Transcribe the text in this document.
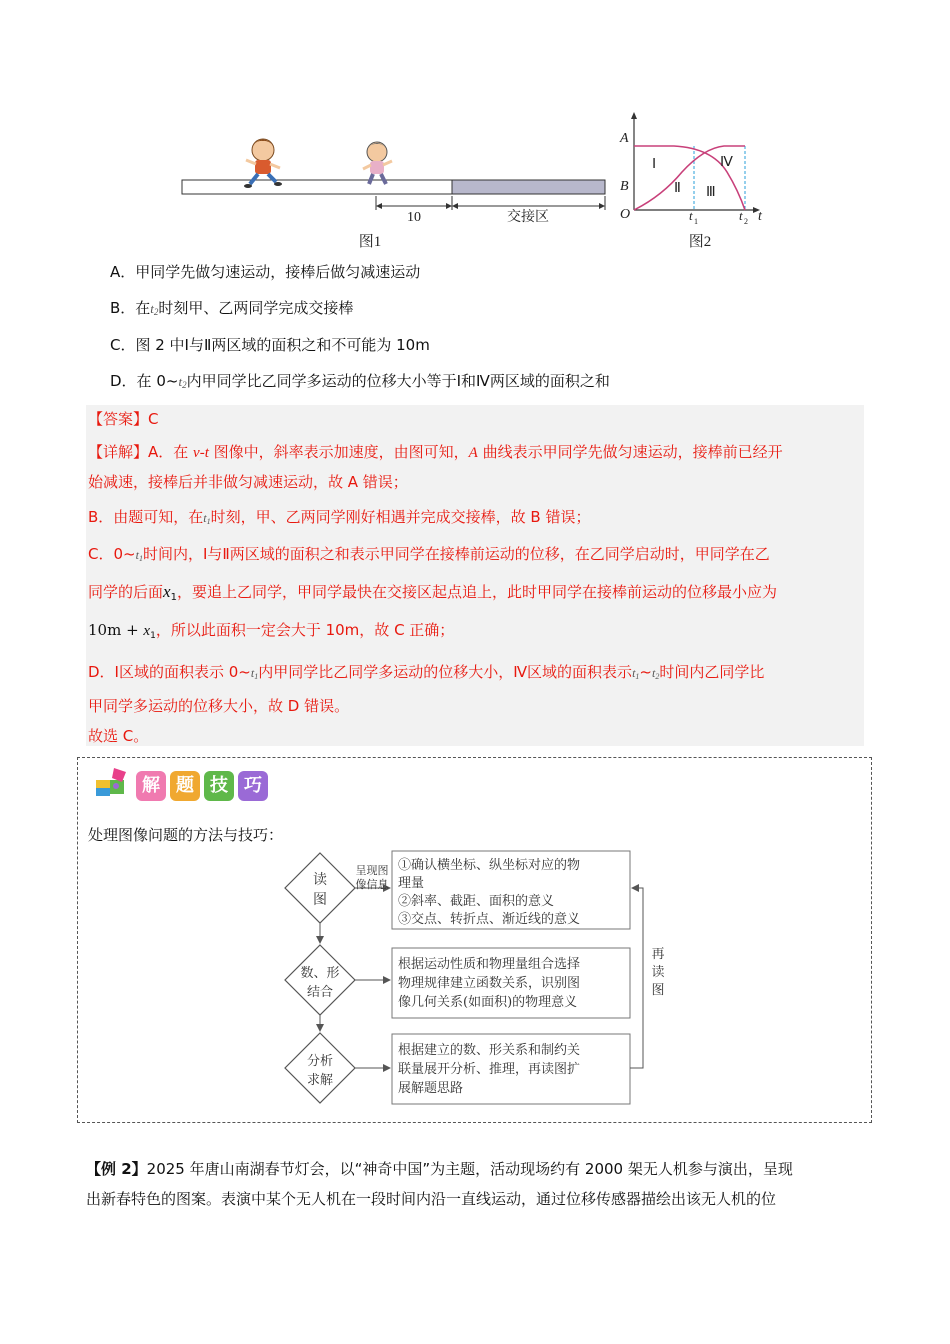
10	交接区
图1
A
B
O
Ⅰ
Ⅱ Ⅲ
Ⅳ
t 1	t 2 t
图2
A．甲同学先做匀速运动，接棒后做匀减速运动
B．在$t_2$时刻甲、乙两同学完成交接棒
C．图 2 中Ⅰ与Ⅱ两区域的面积之和不可能为 10m
D．在 $0\sim t_2$内甲同学比乙同学多运动的位移大小等于Ⅰ和Ⅳ两区域的面积之和
【答案】C
【详解】A．在 v-t 图像中，斜率表示加速度，由图可知，A 曲线表示甲同学先做匀速运动，接棒前已经开
始减速，接棒后并非做匀减速运动，故 A 错误；
B．由题可知，在$t_1$时刻，甲、乙两同学刚好相遇并完成交接棒，故 B 错误；
C．$0\sim t_1$时间内，Ⅰ与Ⅱ两区域的面积之和表示甲同学在接棒前运动的位移，在乙同学启动时，甲同学在乙
同学的后面$x_1$，要追上乙同学，甲同学最快在交接区起点追上，此时甲同学在接棒前运动的位移最小应为
$10m + x_1$，所以此面积一定会大于 10m，故 C 正确；
D．Ⅰ区域的面积表示 $0\sim t_1$内甲同学比乙同学多运动的位移大小，Ⅳ区域的面积表示$t_1\sim t_2$时间内乙同学比
甲同学多运动的位移大小，故 D 错误。
故选 C。
解 题 技 巧
处理图像问题的方法与技巧：
读
图
数、形
结合
分析
求解
呈现图
像信息
①确认横坐标、纵坐标对应的物
理量
②斜率、截距、面积的意义
③交点、转折点、渐近线的意义
根据运动性质和物理量组合选择
物理规律建立函数关系，识别图
像几何关系(如面积)的物理意义
根据建立的数、形关系和制约关
联量展开分析、推理，再读图扩
展解题思路
再
读
图
【例 2】2025 年唐山南湖春节灯会，以“神奇中国”为主题，活动现场约有 2000 架无人机参与演出，呈现
出新春特色的图案。表演中某个无人机在一段时间内沿一直线运动，通过位移传感器描绘出该无人机的位
